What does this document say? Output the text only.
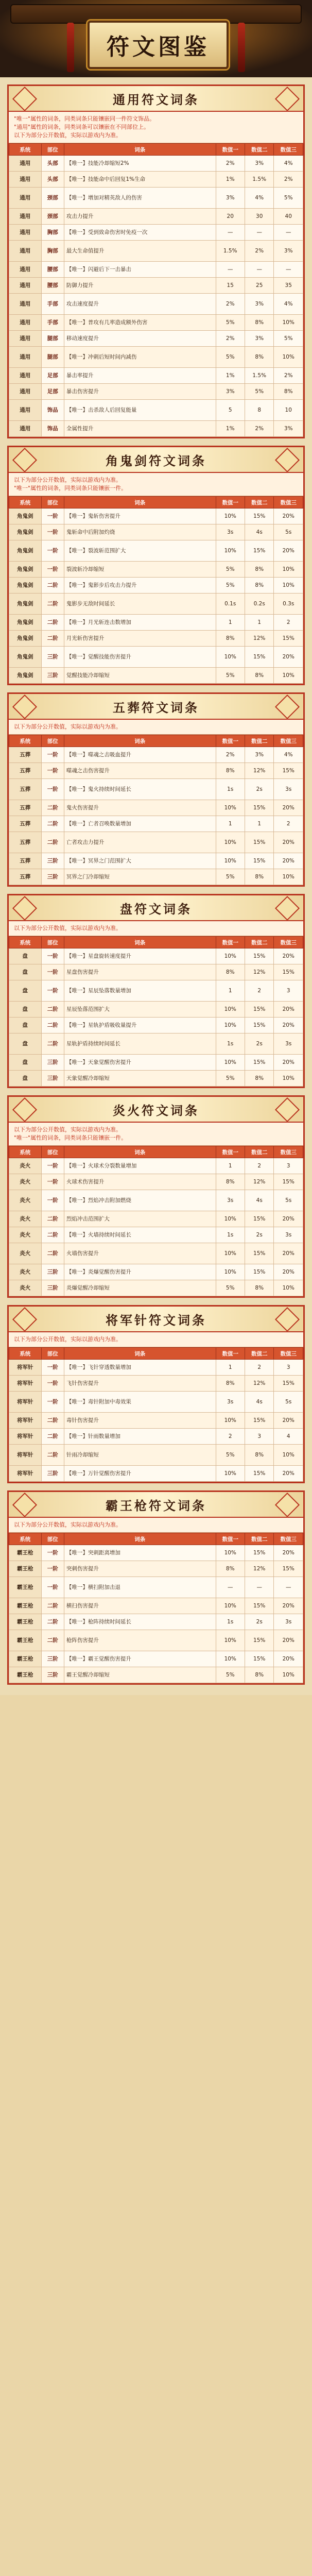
符文图鉴
通用符文词条
"唯一"属性的词条，同类词条只能镶嵌同一件符文饰品。
"通用"属性的词条，同类词条可以镶嵌在不同部位上。
以下为部分公开数值，实际以游戏内为准。
系统	部位	词条	数值一	数值二	数值三
通用	头部	【唯一】技能冷却缩短2%	2%	3%	4%
通用	头部	【唯一】技能命中后回复1%生命	1%	1.5%	2%
通用	颈部	【唯一】增加对精英敌人的伤害	3%	4%	5%
通用	颈部	攻击力提升	20	30	40
通用	胸部	【唯一】受到致命伤害时免疫一次	—	—	—
通用	胸部	最大生命值提升	1.5%	2%	3%
通用	腰部	【唯一】闪避后下一击暴击	—	—	—
通用	腰部	防御力提升	15	25	35
通用	手部	攻击速度提升	2%	3%	4%
通用	手部	【唯一】普攻有几率造成额外伤害	5%	8%	10%
通用	腿部	移动速度提升	2%	3%	5%
通用	腿部	【唯一】冲刺后短时间内减伤	5%	8%	10%
通用	足部	暴击率提升	1%	1.5%	2%
通用	足部	暴击伤害提升	3%	5%	8%
通用	饰品	【唯一】击杀敌人后回复能量	5	8	10
通用	饰品	全属性提升	1%	2%	3%
角鬼剑符文词条
以下为部分公开数值，实际以游戏内为准。
"唯一"属性的词条，同类词条只能镶嵌一件。
系统	部位	词条	数值一	数值二	数值三
角鬼剑	一阶	【唯一】鬼斩伤害提升	10%	15%	20%
角鬼剑	一阶	鬼斩命中后附加灼烧	3s	4s	5s
角鬼剑	一阶	【唯一】裂波斩范围扩大	10%	15%	20%
角鬼剑	一阶	裂波斩冷却缩短	5%	8%	10%
角鬼剑	二阶	【唯一】鬼影步后攻击力提升	5%	8%	10%
角鬼剑	二阶	鬼影步无敌时间延长	0.1s	0.2s	0.3s
角鬼剑	二阶	【唯一】月光斩连击数增加	1	1	2
角鬼剑	二阶	月光斩伤害提升	8%	12%	15%
角鬼剑	三阶	【唯一】觉醒技能伤害提升	10%	15%	20%
角鬼剑	三阶	觉醒技能冷却缩短	5%	8%	10%
五葬符文词条
以下为部分公开数值，实际以游戏内为准。
系统	部位	词条	数值一	数值二	数值三
五葬	一阶	【唯一】噬魂之击吸血提升	2%	3%	4%
五葬	一阶	噬魂之击伤害提升	8%	12%	15%
五葬	一阶	【唯一】鬼火持续时间延长	1s	2s	3s
五葬	二阶	鬼火伤害提升	10%	15%	20%
五葬	二阶	【唯一】亡者召唤数量增加	1	1	2
五葬	二阶	亡者攻击力提升	10%	15%	20%
五葬	三阶	【唯一】冥界之门范围扩大	10%	15%	20%
五葬	三阶	冥界之门冷却缩短	5%	8%	10%
盘符文词条
以下为部分公开数值，实际以游戏内为准。
系统	部位	词条	数值一	数值二	数值三
盘	一阶	【唯一】星盘旋转速度提升	10%	15%	20%
盘	一阶	星盘伤害提升	8%	12%	15%
盘	一阶	【唯一】星辰坠落数量增加	1	2	3
盘	二阶	星辰坠落范围扩大	10%	15%	20%
盘	二阶	【唯一】星轨护盾吸收量提升	10%	15%	20%
盘	二阶	星轨护盾持续时间延长	1s	2s	3s
盘	三阶	【唯一】天象觉醒伤害提升	10%	15%	20%
盘	三阶	天象觉醒冷却缩短	5%	8%	10%
炎火符文词条
以下为部分公开数值，实际以游戏内为准。
"唯一"属性的词条，同类词条只能镶嵌一件。
系统	部位	词条	数值一	数值二	数值三
炎火	一阶	【唯一】火球术分裂数量增加	1	2	3
炎火	一阶	火球术伤害提升	8%	12%	15%
炎火	一阶	【唯一】烈焰冲击附加燃烧	3s	4s	5s
炎火	二阶	烈焰冲击范围扩大	10%	15%	20%
炎火	二阶	【唯一】火墙持续时间延长	1s	2s	3s
炎火	二阶	火墙伤害提升	10%	15%	20%
炎火	三阶	【唯一】炎爆觉醒伤害提升	10%	15%	20%
炎火	三阶	炎爆觉醒冷却缩短	5%	8%	10%
将军针符文词条
以下为部分公开数值，实际以游戏内为准。
系统	部位	词条	数值一	数值二	数值三
将军针	一阶	【唯一】飞针穿透数量增加	1	2	3
将军针	一阶	飞针伤害提升	8%	12%	15%
将军针	一阶	【唯一】毒针附加中毒效果	3s	4s	5s
将军针	二阶	毒针伤害提升	10%	15%	20%
将军针	二阶	【唯一】针雨数量增加	2	3	4
将军针	二阶	针雨冷却缩短	5%	8%	10%
将军针	三阶	【唯一】万针觉醒伤害提升	10%	15%	20%
霸王枪符文词条
以下为部分公开数值，实际以游戏内为准。
系统	部位	词条	数值一	数值二	数值三
霸王枪	一阶	【唯一】突刺距离增加	10%	15%	20%
霸王枪	一阶	突刺伤害提升	8%	12%	15%
霸王枪	一阶	【唯一】横扫附加击退	—	—	—
霸王枪	二阶	横扫伤害提升	10%	15%	20%
霸王枪	二阶	【唯一】枪阵持续时间延长	1s	2s	3s
霸王枪	二阶	枪阵伤害提升	10%	15%	20%
霸王枪	三阶	【唯一】霸王觉醒伤害提升	10%	15%	20%
霸王枪	三阶	霸王觉醒冷却缩短	5%	8%	10%
